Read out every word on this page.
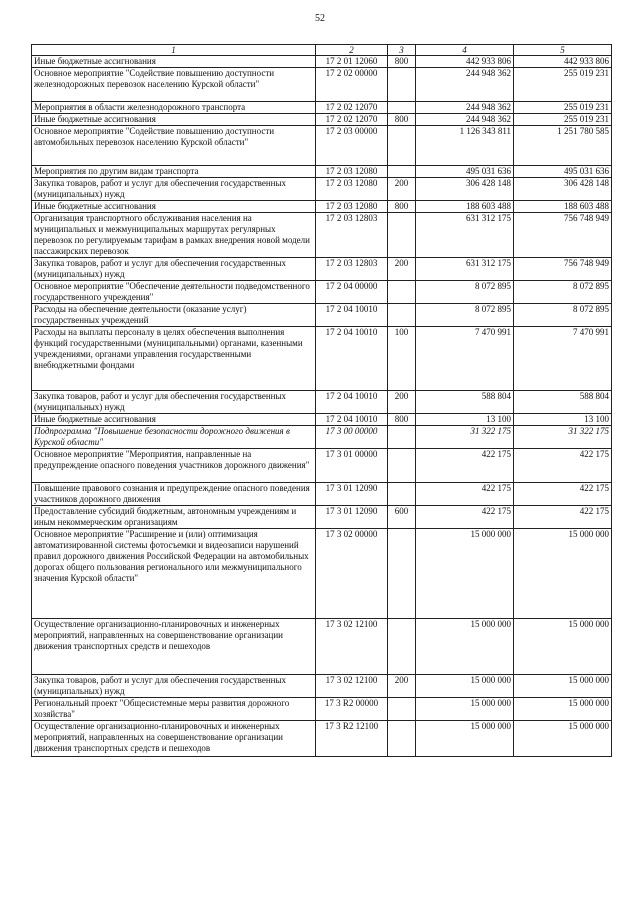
52
1	2	3	4	5
Иные бюджетные ассигнования	17 2 01 12060	800	442 933 806	442 933 806
Основное мероприятие "Содействие повышению доступности железнодорожных перевозок населению Курской области"	17 2 02 00000		244 948 362	255 019 231
Мероприятия в области железнодорожного транспорта	17 2 02 12070		244 948 362	255 019 231
Иные бюджетные ассигнования	17 2 02 12070	800	244 948 362	255 019 231
Основное мероприятие "Содействие повышению доступности автомобильных перевозок населению Курской области"	17 2 03 00000		1 126 343 811	1 251 780 585
Мероприятия по другим видам транспорта	17 2 03 12080		495 031 636	495 031 636
Закупка товаров, работ и услуг для обеспечения государственных (муниципальных) нужд	17 2 03 12080	200	306 428 148	306 428 148
Иные бюджетные ассигнования	17 2 03 12080	800	188 603 488	188 603 488
Организация транспортного обслуживания населения на муниципальных и межмуниципальных маршрутах регулярных перевозок по регулируемым тарифам в рамках внедрения новой модели пассажирских перевозок	17 2 03 12803		631 312 175	756 748 949
Закупка товаров, работ и услуг для обеспечения государственных (муниципальных) нужд	17 2 03 12803	200	631 312 175	756 748 949
Основное мероприятие "Обеспечение деятельности подведомственного государственного учреждения"	17 2 04 00000		8 072 895	8 072 895
Расходы на обеспечение деятельности (оказание услуг) государственных учреждений	17 2 04 10010		8 072 895	8 072 895
Расходы на выплаты персоналу в целях обеспечения выполнения функций государственными (муниципальными) органами, казенными учреждениями, органами управления государственными внебюджетными фондами	17 2 04 10010	100	7 470 991	7 470 991
Закупка товаров, работ и услуг для обеспечения государственных (муниципальных) нужд	17 2 04 10010	200	588 804	588 804
Иные бюджетные ассигнования	17 2 04 10010	800	13 100	13 100
Подпрограмма "Повышение безопасности дорожного движения в Курской области"	17 3 00 00000		31 322 175	31 322 175
Основное мероприятие "Мероприятия, направленные на предупреждение опасного поведения участников дорожного движения"	17 3 01 00000		422 175	422 175
Повышение правового сознания и предупреждение опасного поведения участников дорожного движения	17 3 01 12090		422 175	422 175
Предоставление субсидий бюджетным, автономным учреждениям и иным некоммерческим организациям	17 3 01 12090	600	422 175	422 175
Основное мероприятие "Расширение и (или) оптимизация автоматизированной системы фотосъемки и видеозаписи нарушений правил дорожного движения Российской Федерации на автомобильных дорогах общего пользования регионального или межмуниципального значения Курской области"	17 3 02 00000		15 000 000	15 000 000
Осуществление организационно-планировочных и инженерных мероприятий, направленных на совершенствование организации движения транспортных средств и пешеходов	17 3 02 12100		15 000 000	15 000 000
Закупка товаров, работ и услуг для обеспечения государственных (муниципальных) нужд	17 3 02 12100	200	15 000 000	15 000 000
Региональный проект "Общесистемные меры развития дорожного хозяйства"	17 3 R2 00000		15 000 000	15 000 000
Осуществление организационно-планировочных и инженерных мероприятий, направленных на совершенствование организации движения транспортных средств и пешеходов	17 3 R2 12100		15 000 000	15 000 000
